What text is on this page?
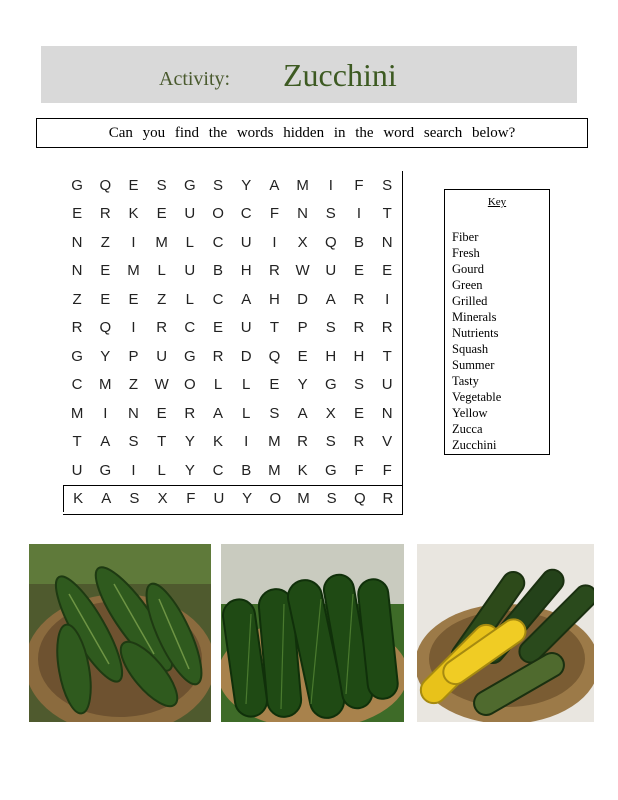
Activity: Zucchini
Can you find the words hidden in the word search below?
G	Q	E	S	G	S	Y	A	M	I	F	S
E	R	K	E	U	O	C	F	N	S	I	T
N	Z	I	M	L	C	U	I	X	Q	B	N
N	E	M	L	U	B	H	R	W	U	E	E
Z	E	E	Z	L	C	A	H	D	A	R	I
R	Q	I	R	C	E	U	T	P	S	R	R
G	Y	P	U	G	R	D	Q	E	H	H	T
C	M	Z	W	O	L	L	E	Y	G	S	U
M	I	N	E	R	A	L	S	A	X	E	N
T	A	S	T	Y	K	I	M	R	S	R	V
U	G	I	L	Y	C	B	M	K	G	F	F
K	A	S	X	F	U	Y	O	M	S	Q	R
Key
Fiber
Fresh
Gourd
Green
Grilled
Minerals
Nutrients
Squash
Summer
Tasty
Vegetable
Yellow
Zucca
Zucchini
